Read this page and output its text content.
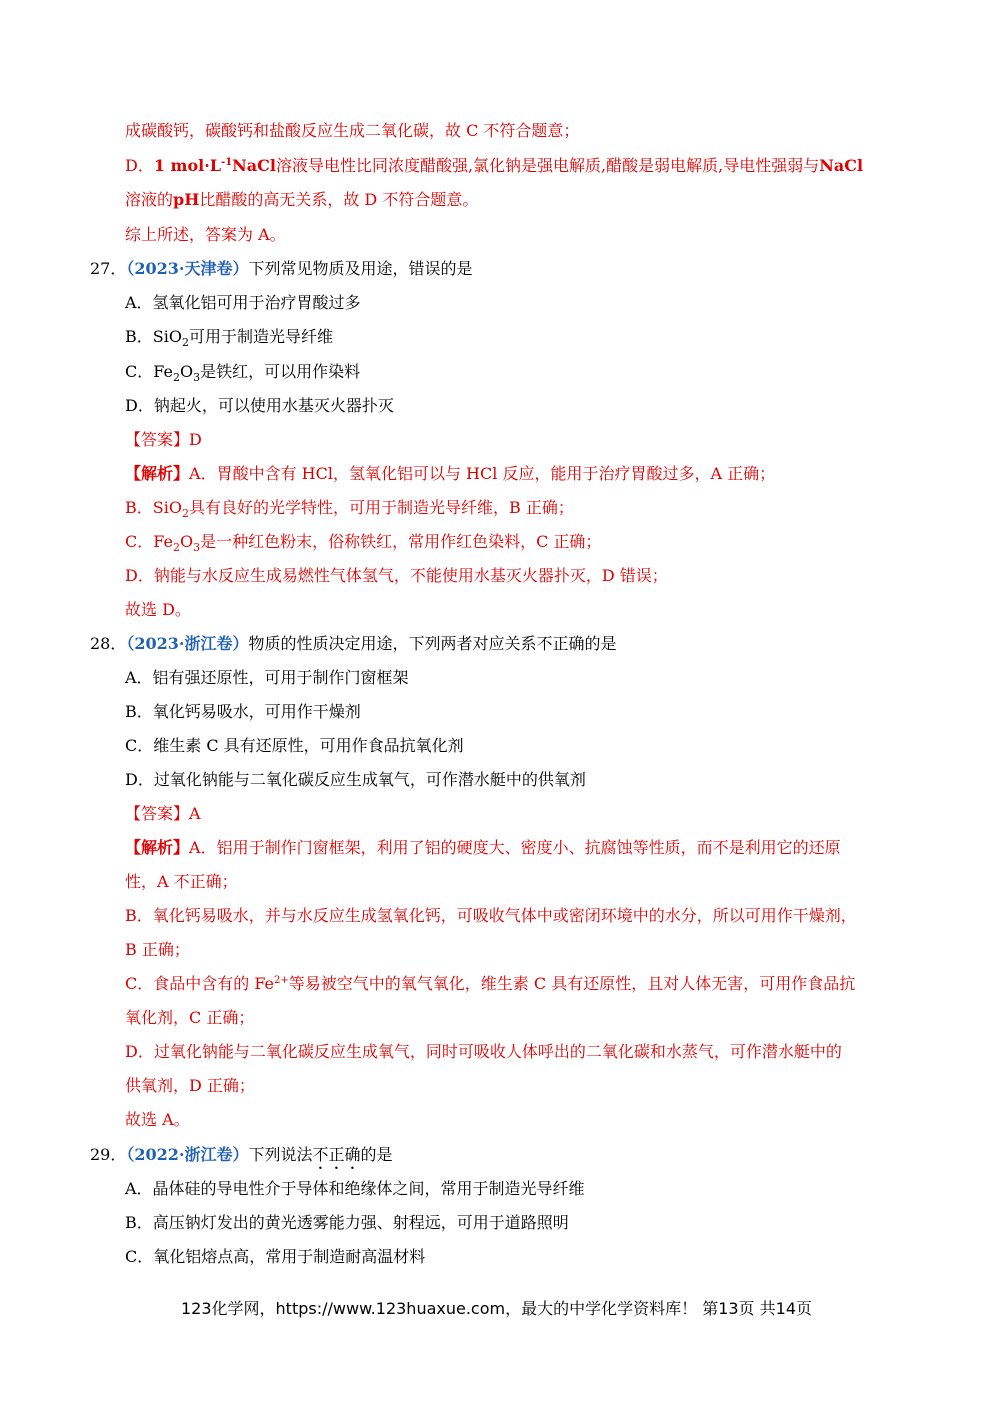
成碳酸钙，碳酸钙和盐酸反应生成二氧化碳，故 C 不符合题意；
D．1 $mol\cdot L^{-1}NaCl$溶液导电性比同浓度醋酸强,氯化钠是强电解质,醋酸是弱电解质,导电性强弱与NaCl
溶液的pH比醋酸的高无关系，故 D 不符合题意。
综上所述，答案为 A。
27．（2023·天津卷）下列常见物质及用途，错误的是
A．氢氧化铝可用于治疗胃酸过多
B．SiO$_2$可用于制造光导纤维
C．$Fe_2O_3$是铁红，可以用作染料
D．钠起火，可以使用水基灭火器扑灭
【答案】D
【解析】A．胃酸中含有 HCl，氢氧化铝可以与 HCl 反应，能用于治疗胃酸过多，A 正确；
B．SiO$_2$具有良好的光学特性，可用于制造光导纤维，B 正确；
C．$Fe_2O_3$是一种红色粉末，俗称铁红，常用作红色染料，C 正确；
D．钠能与水反应生成易燃性气体氢气，不能使用水基灭火器扑灭，D 错误；
故选 D。
28．（2023·浙江卷）物质的性质决定用途，下列两者对应关系不正确的是
A．铝有强还原性，可用于制作门窗框架
B．氧化钙易吸水，可用作干燥剂
C．维生素 C 具有还原性，可用作食品抗氧化剂
D．过氧化钠能与二氧化碳反应生成氧气，可作潜水艇中的供氧剂
【答案】A
【解析】A．铝用于制作门窗框架，利用了铝的硬度大、密度小、抗腐蚀等性质，而不是利用它的还原
性，A 不正确；
B．氧化钙易吸水，并与水反应生成氢氧化钙，可吸收气体中或密闭环境中的水分，所以可用作干燥剂，
B 正确；
C．食品中含有的 $Fe^{2+}$等易被空气中的氧气氧化，维生素 C 具有还原性，且对人体无害，可用作食品抗
氧化剂，C 正确；
D．过氧化钠能与二氧化碳反应生成氧气，同时可吸收人体呼出的二氧化碳和水蒸气，可作潜水艇中的
供氧剂，D 正确；
故选 A。
29．（2022·浙江卷）下列说法不正确的是
A．晶体硅的导电性介于导体和绝缘体之间，常用于制造光导纤维
B．高压钠灯发出的黄光透雾能力强、射程远，可用于道路照明
C．氧化铝熔点高，常用于制造耐高温材料
123化学网，https://www.123huaxue.com，最大的中学化学资料库！ 第13页 共14页
